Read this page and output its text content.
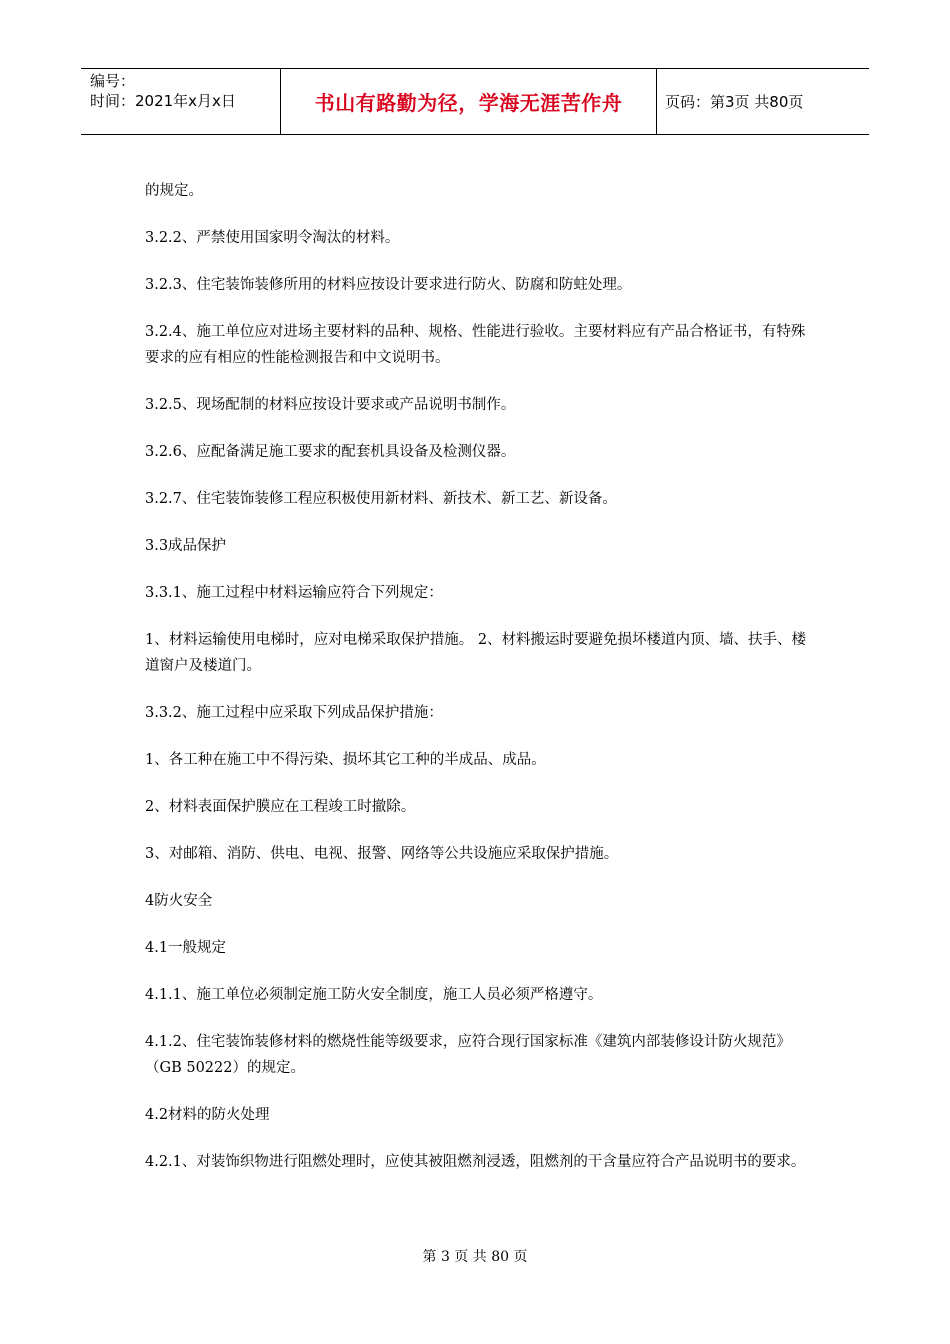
编号：
时间：2021年x月x日	书山有路勤为径，学海无涯苦作舟	页码：第3页 共80页

的规定。

3.2.2、严禁使用国家明令淘汰的材料。

3.2.3、住宅装饰装修所用的材料应按设计要求进行防火、防腐和防蛀处理。

3.2.4、施工单位应对进场主要材料的品种、规格、性能进行验收。主要材料应有产品合格证书，有特殊要求的应有相应的性能检测报告和中文说明书。

3.2.5、现场配制的材料应按设计要求或产品说明书制作。

3.2.6、应配备满足施工要求的配套机具设备及检测仪器。

3.2.7、住宅装饰装修工程应积极使用新材料、新技术、新工艺、新设备。

3.3成品保护

3.3.1、施工过程中材料运输应符合下列规定：

1、材料运输使用电梯时，应对电梯采取保护措施。 2、材料搬运时要避免损坏楼道内顶、墙、扶手、楼道窗户及楼道门。

3.3.2、施工过程中应采取下列成品保护措施：

1、各工种在施工中不得污染、损坏其它工种的半成品、成品。

2、材料表面保护膜应在工程竣工时撤除。

3、对邮箱、消防、供电、电视、报警、网络等公共设施应采取保护措施。

4防火安全

4.1一般规定

4.1.1、施工单位必须制定施工防火安全制度，施工人员必须严格遵守。

4.1.2、住宅装饰装修材料的燃烧性能等级要求，应符合现行国家标准《建筑内部装修设计防火规范》（GB 50222）的规定。

4.2材料的防火处理

4.2.1、对装饰织物进行阻燃处理时，应使其被阻燃剂浸透，阻燃剂的干含量应符合产品说明书的要求。

第 3 页 共 80 页
